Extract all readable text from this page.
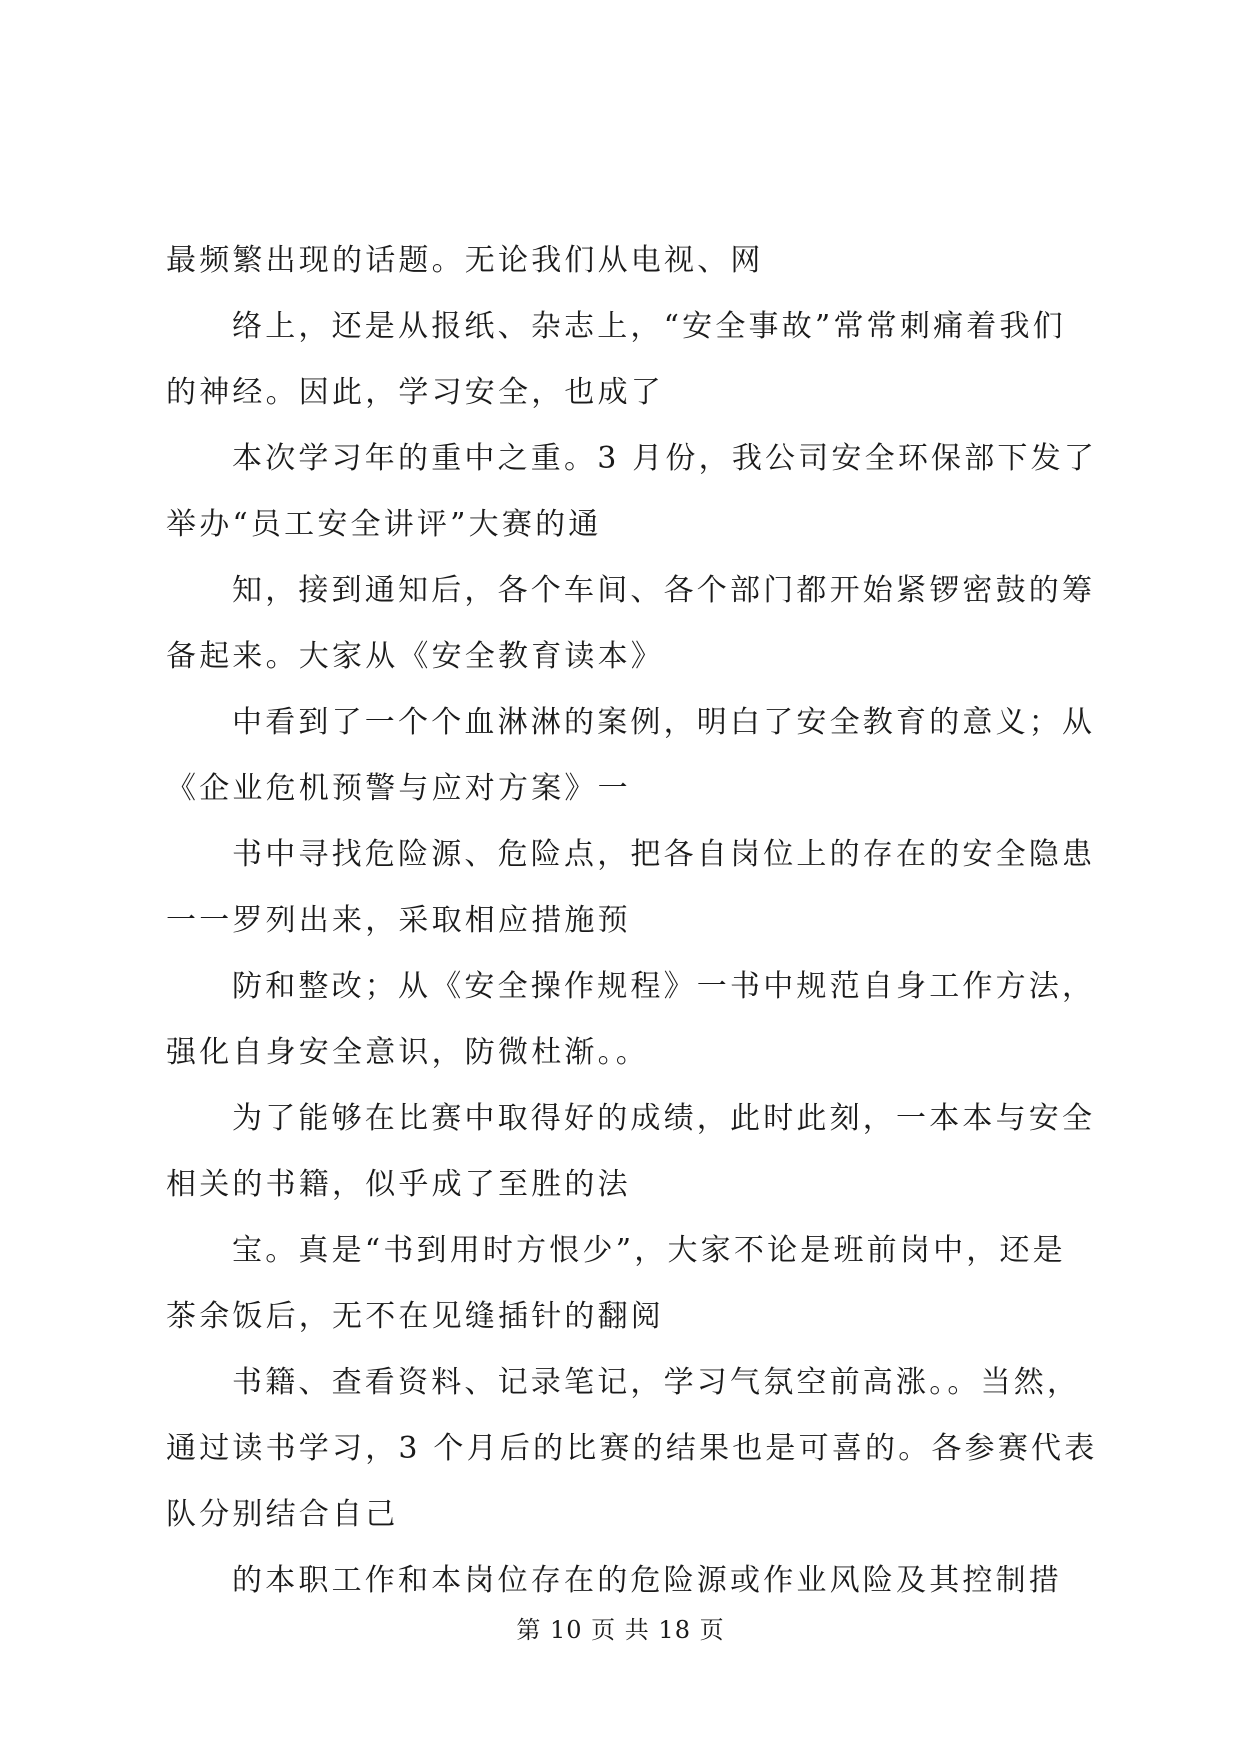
最频繁出现的话题。无论我们从电视、网
络上，还是从报纸、杂志上，“安全事故”常常刺痛着我们
的神经。因此，学习安全，也成了
本次学习年的重中之重。3 月份，我公司安全环保部下发了
举办“员工安全讲评”大赛的通
知，接到通知后，各个车间、各个部门都开始紧锣密鼓的筹
备起来。大家从《安全教育读本》
中看到了一个个血淋淋的案例，明白了安全教育的意义；从
《企业危机预警与应对方案》一
书中寻找危险源、危险点，把各自岗位上的存在的安全隐患
一一罗列出来，采取相应措施预
防和整改；从《安全操作规程》一书中规范自身工作方法，
强化自身安全意识，防微杜渐。。
为了能够在比赛中取得好的成绩，此时此刻，一本本与安全
相关的书籍，似乎成了至胜的法
宝。真是“书到用时方恨少”，大家不论是班前岗中，还是
茶余饭后，无不在见缝插针的翻阅
书籍、查看资料、记录笔记，学习气氛空前高涨。。当然，
通过读书学习，3 个月后的比赛的结果也是可喜的。各参赛代表
队分别结合自己
的本职工作和本岗位存在的危险源或作业风险及其控制措
第 10 页 共 18 页
